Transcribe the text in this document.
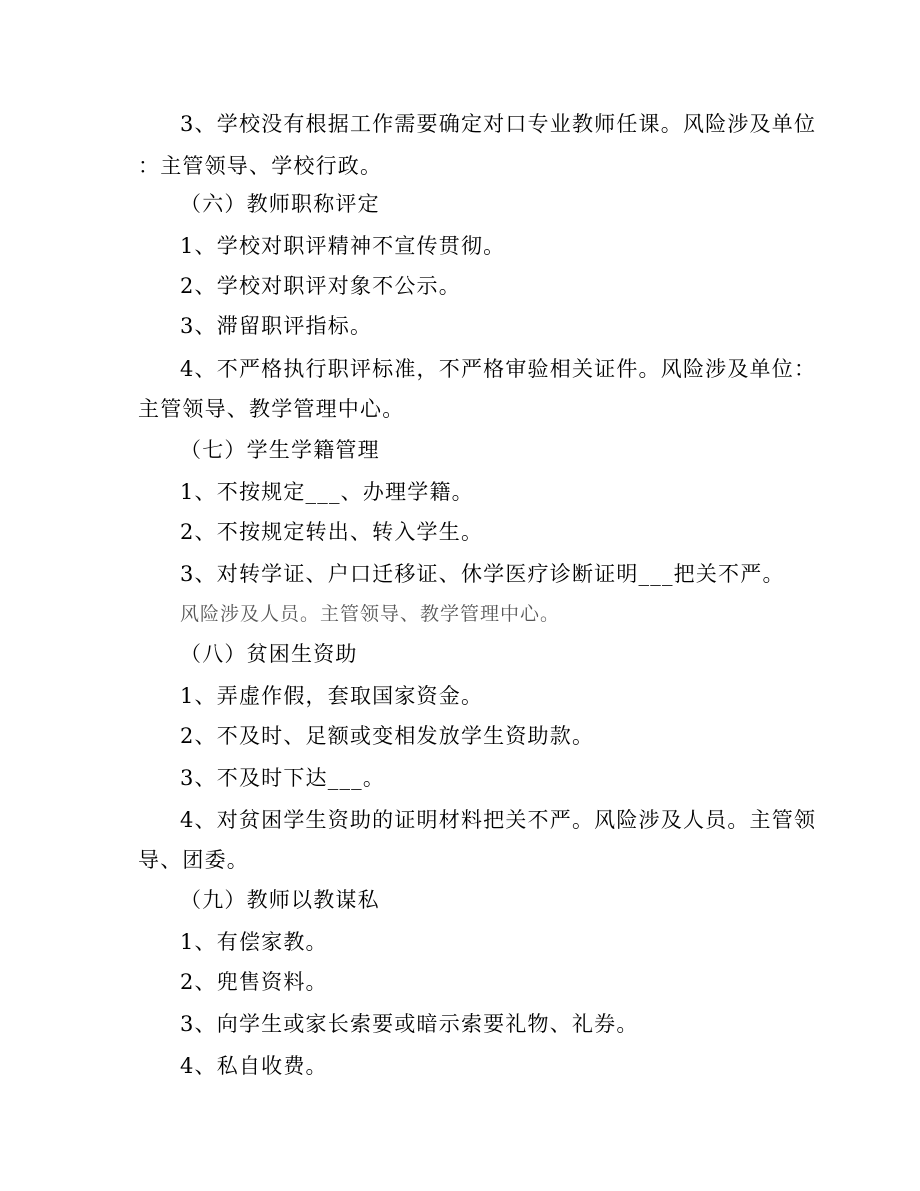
3、学校没有根据工作需要确定对口专业教师任课。风险涉及单位
：主管领导、学校行政。
（六）教师职称评定
1、学校对职评精神不宣传贯彻。
2、学校对职评对象不公示。
3、滞留职评指标。
4、不严格执行职评标准，不严格审验相关证件。风险涉及单位：
主管领导、教学管理中心。
（七）学生学籍管理
1、不按规定___、办理学籍。
2、不按规定转出、转入学生。
3、对转学证、户口迁移证、休学医疗诊断证明___把关不严。
风险涉及人员。主管领导、教学管理中心。
（八）贫困生资助
1、弄虚作假，套取国家资金。
2、不及时、足额或变相发放学生资助款。
3、不及时下达___。
4、对贫困学生资助的证明材料把关不严。风险涉及人员。主管领
导、团委。
（九）教师以教谋私
1、有偿家教。
2、兜售资料。
3、向学生或家长索要或暗示索要礼物、礼券。
4、私自收费。
